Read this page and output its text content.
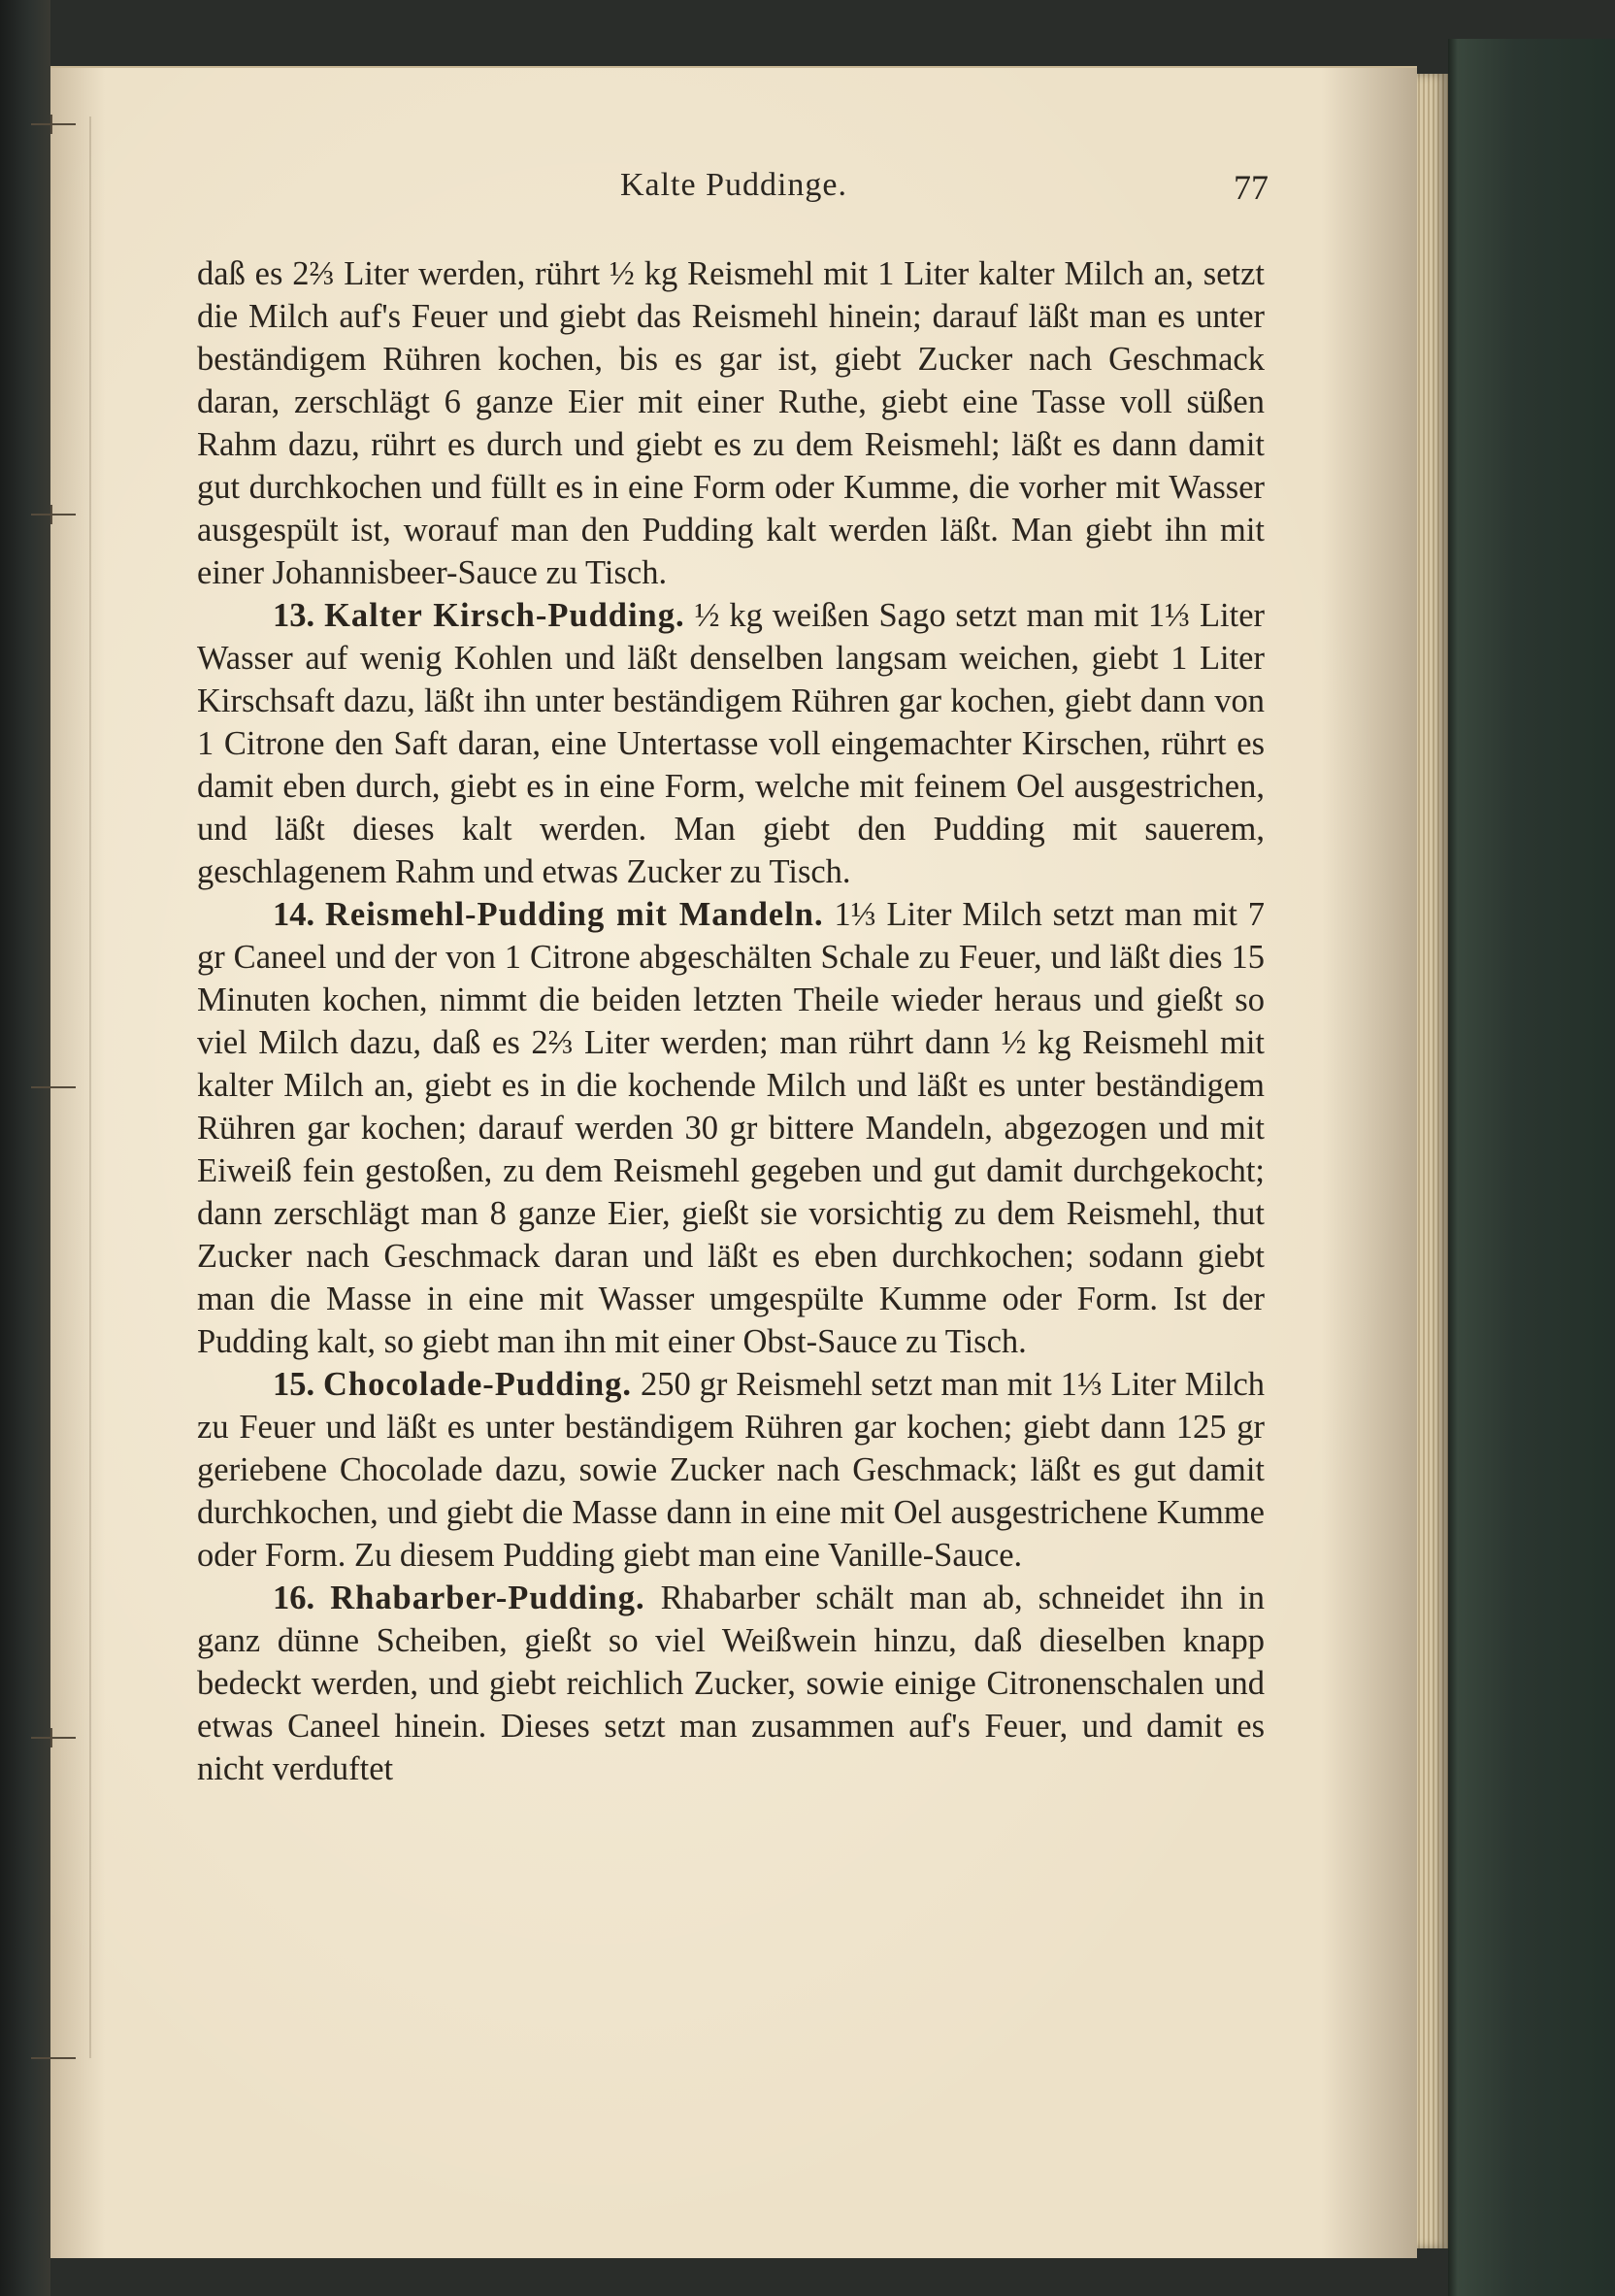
Kalte Puddinge.	77

daß es 2⅔ Liter werden, rührt ½ kg Reismehl mit 1 Liter kalter Milch an, setzt die Milch auf's Feuer und giebt das Reismehl hinein; darauf läßt man es unter beständigem Rühren kochen, bis es gar ist, giebt Zucker nach Geschmack daran, zerschlägt 6 ganze Eier mit einer Ruthe, giebt eine Tasse voll süßen Rahm dazu, rührt es durch und giebt es zu dem Reismehl; läßt es dann damit gut durchkochen und füllt es in eine Form oder Kumme, die vorher mit Wasser ausgespült ist, worauf man den Pudding kalt werden läßt. Man giebt ihn mit einer Johannisbeer-Sauce zu Tisch.

13. Kalter Kirsch-Pudding. ½ kg weißen Sago setzt man mit 1⅓ Liter Wasser auf wenig Kohlen und läßt denselben langsam weichen, giebt 1 Liter Kirschsaft dazu, läßt ihn unter beständigem Rühren gar kochen, giebt dann von 1 Citrone den Saft daran, eine Untertasse voll eingemachter Kirschen, rührt es damit eben durch, giebt es in eine Form, welche mit feinem Oel ausgestrichen, und läßt dieses kalt werden. Man giebt den Pudding mit sauerem, geschlagenem Rahm und etwas Zucker zu Tisch.

14. Reismehl-Pudding mit Mandeln. 1⅓ Liter Milch setzt man mit 7 gr Caneel und der von 1 Citrone abgeschälten Schale zu Feuer, und läßt dies 15 Minuten kochen, nimmt die beiden letzten Theile wieder heraus und gießt so viel Milch dazu, daß es 2⅔ Liter werden; man rührt dann ½ kg Reismehl mit kalter Milch an, giebt es in die kochende Milch und läßt es unter beständigem Rühren gar kochen; darauf werden 30 gr bittere Mandeln, abgezogen und mit Eiweiß fein gestoßen, zu dem Reismehl gegeben und gut damit durchgekocht; dann zerschlägt man 8 ganze Eier, gießt sie vorsichtig zu dem Reismehl, thut Zucker nach Geschmack daran und läßt es eben durchkochen; sodann giebt man die Masse in eine mit Wasser umgespülte Kumme oder Form. Ist der Pudding kalt, so giebt man ihn mit einer Obst-Sauce zu Tisch.

15. Chocolade-Pudding. 250 gr Reismehl setzt man mit 1⅓ Liter Milch zu Feuer und läßt es unter beständigem Rühren gar kochen; giebt dann 125 gr geriebene Chocolade dazu, sowie Zucker nach Geschmack; läßt es gut damit durchkochen, und giebt die Masse dann in eine mit Oel ausgestrichene Kumme oder Form. Zu diesem Pudding giebt man eine Vanille-Sauce.

16. Rhabarber-Pudding. Rhabarber schält man ab, schneidet ihn in ganz dünne Scheiben, gießt so viel Weißwein hinzu, daß dieselben knapp bedeckt werden, und giebt reichlich Zucker, sowie einige Citronenschalen und etwas Caneel hinein. Dieses setzt man zusammen auf's Feuer, und damit es nicht verduftet
